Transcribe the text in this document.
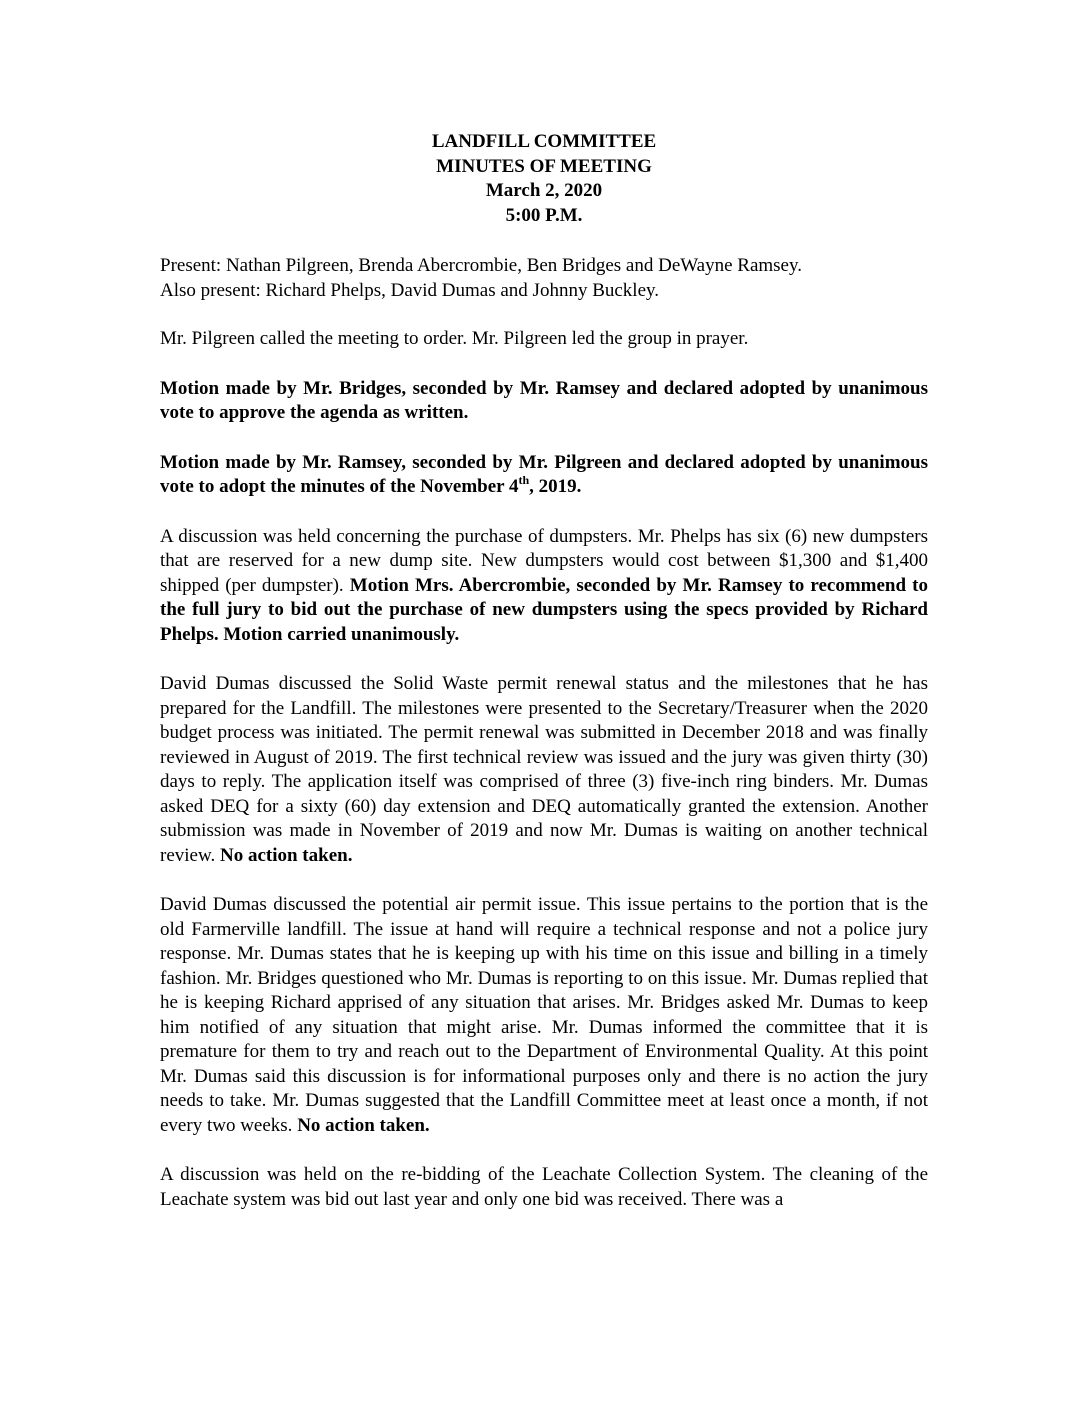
LANDFILL COMMITTEE
MINUTES OF MEETING
March 2, 2020
5:00 P.M.

Present: Nathan Pilgreen, Brenda Abercrombie, Ben Bridges and DeWayne Ramsey.
Also present: Richard Phelps, David Dumas and Johnny Buckley.

Mr. Pilgreen called the meeting to order. Mr. Pilgreen led the group in prayer.

Motion made by Mr. Bridges, seconded by Mr. Ramsey and declared adopted by unanimous vote to approve the agenda as written.

Motion made by Mr. Ramsey, seconded by Mr. Pilgreen and declared adopted by unanimous vote to adopt the minutes of the November 4th, 2019.

A discussion was held concerning the purchase of dumpsters. Mr. Phelps has six (6) new dumpsters that are reserved for a new dump site. New dumpsters would cost between $1,300 and $1,400 shipped (per dumpster). Motion Mrs. Abercrombie, seconded by Mr. Ramsey to recommend to the full jury to bid out the purchase of new dumpsters using the specs provided by Richard Phelps. Motion carried unanimously.

David Dumas discussed the Solid Waste permit renewal status and the milestones that he has prepared for the Landfill. The milestones were presented to the Secretary/Treasurer when the 2020 budget process was initiated. The permit renewal was submitted in December 2018 and was finally reviewed in August of 2019. The first technical review was issued and the jury was given thirty (30) days to reply. The application itself was comprised of three (3) five-inch ring binders. Mr. Dumas asked DEQ for a sixty (60) day extension and DEQ automatically granted the extension. Another submission was made in November of 2019 and now Mr. Dumas is waiting on another technical review. No action taken.

David Dumas discussed the potential air permit issue. This issue pertains to the portion that is the old Farmerville landfill. The issue at hand will require a technical response and not a police jury response. Mr. Dumas states that he is keeping up with his time on this issue and billing in a timely fashion. Mr. Bridges questioned who Mr. Dumas is reporting to on this issue. Mr. Dumas replied that he is keeping Richard apprised of any situation that arises. Mr. Bridges asked Mr. Dumas to keep him notified of any situation that might arise. Mr. Dumas informed the committee that it is premature for them to try and reach out to the Department of Environmental Quality. At this point Mr. Dumas said this discussion is for informational purposes only and there is no action the jury needs to take. Mr. Dumas suggested that the Landfill Committee meet at least once a month, if not every two weeks. No action taken.

A discussion was held on the re-bidding of the Leachate Collection System. The cleaning of the Leachate system was bid out last year and only one bid was received. There was a
